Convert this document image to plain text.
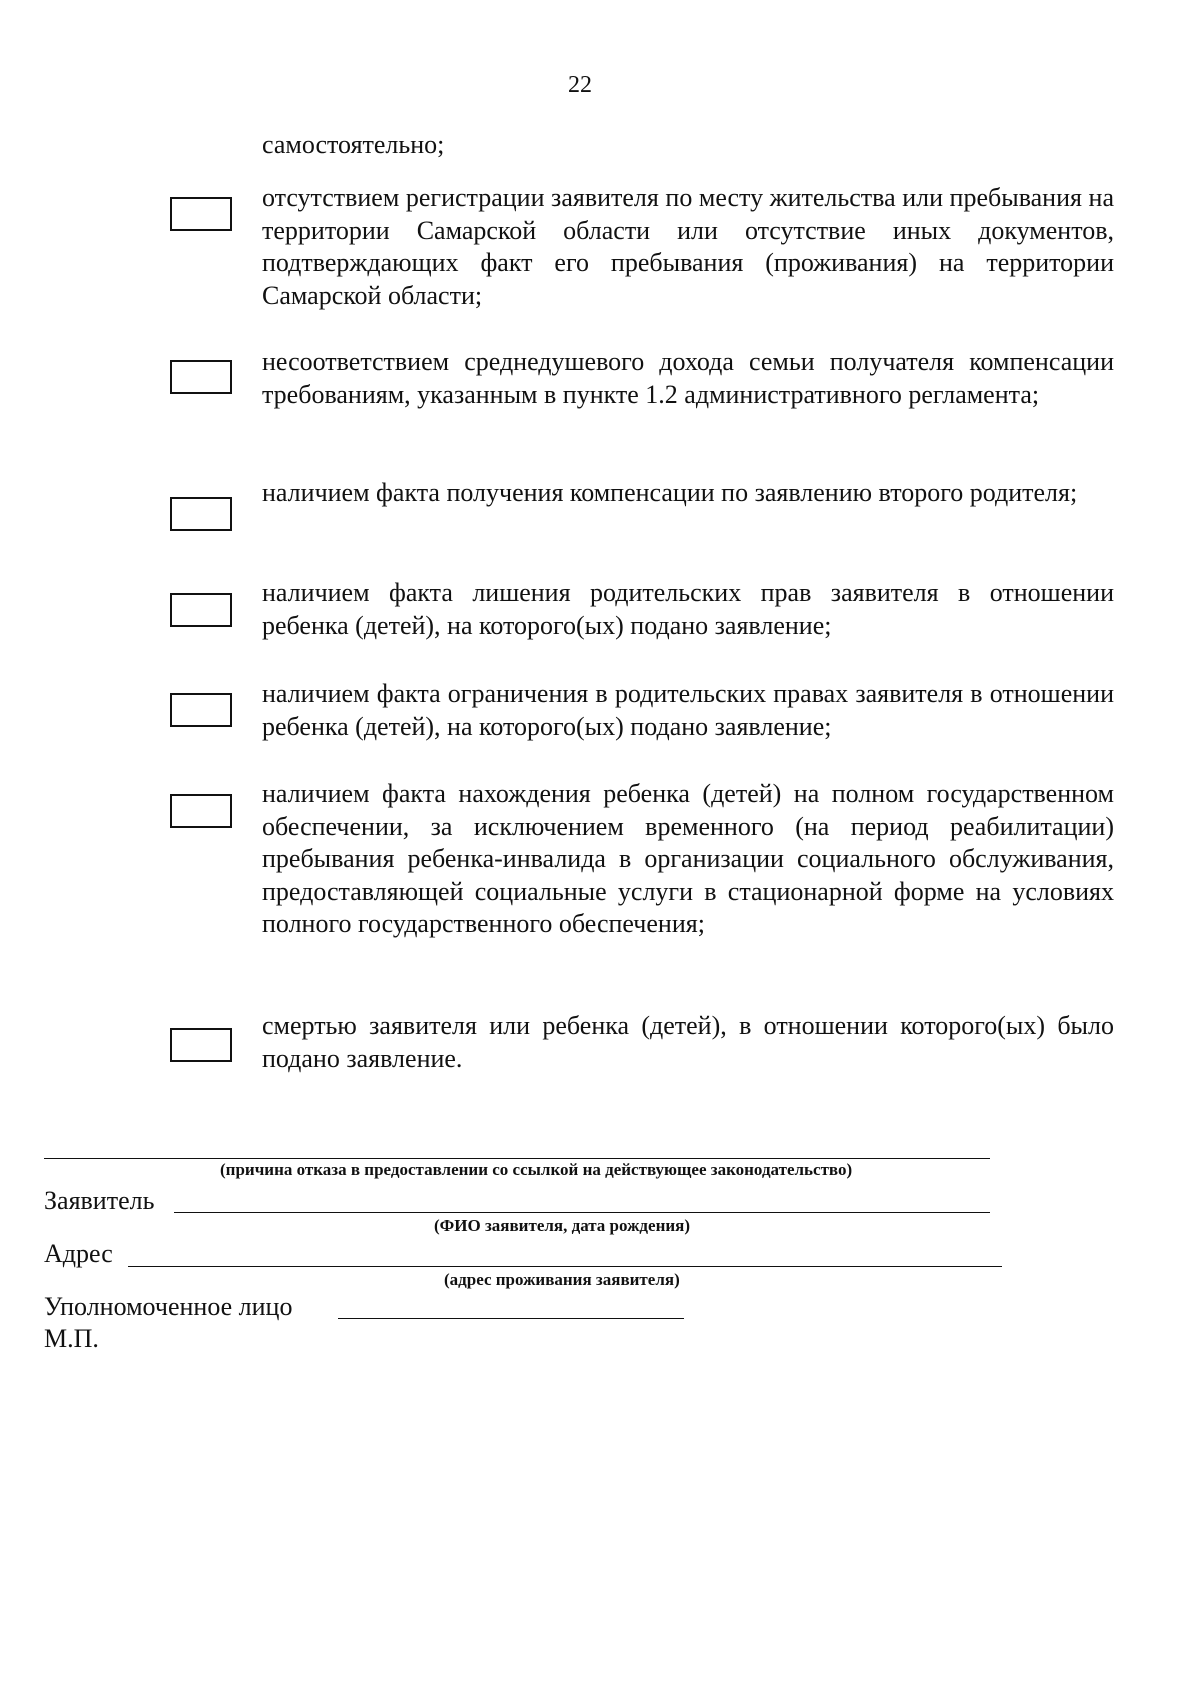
22
самостоятельно;
отсутствием регистрации заявителя по месту жительства или пребывания на территории Самарской области или отсутствие иных документов, подтверждающих факт его пребывания (проживания) на территории Самарской области;
несоответствием среднедушевого дохода семьи получателя компенсации требованиям, указанным в пункте 1.2 административного регламента;
наличием факта получения компенсации по заявлению второго родителя;
наличием факта лишения родительских прав заявителя в отношении ребенка (детей), на которого(ых) подано заявление;
наличием факта ограничения в родительских правах заявителя в отношении ребенка (детей), на которого(ых) подано заявление;
наличием факта нахождения ребенка (детей) на полном государственном обеспечении, за исключением временного (на период реабилитации) пребывания ребенка-инвалида в организации социального обслуживания, предоставляющей социальные услуги в стационарной форме на условиях полного государственного обеспечения;
смертью заявителя или ребенка (детей), в отношении которого(ых) было подано заявление.
(причина отказа в предоставлении со ссылкой на действующее законодательство)
Заявитель
(ФИО заявителя, дата рождения)
Адрес
(адрес проживания заявителя)
Уполномоченное лицо
М.П.
